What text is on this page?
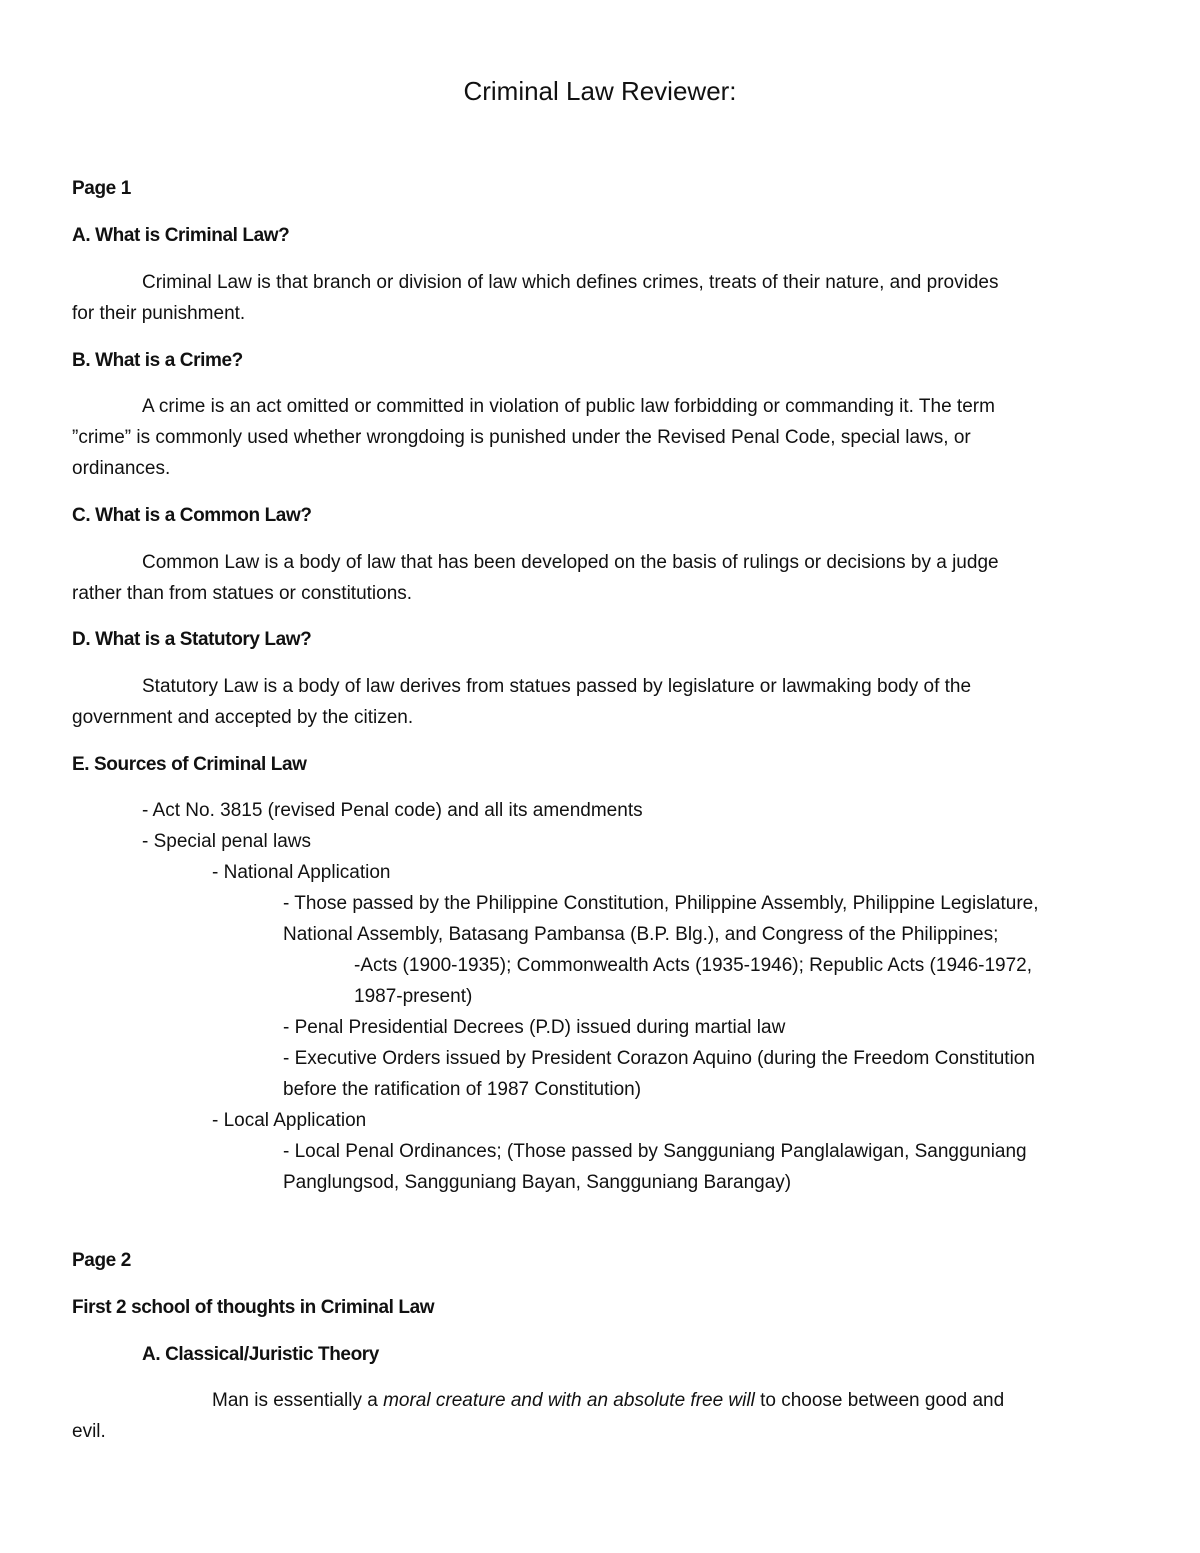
Criminal Law Reviewer:
Page 1
A. What is Criminal Law?
Criminal Law is that branch or division of law which defines crimes, treats of their nature, and provides
for their punishment.
B. What is a Crime?
A crime is an act omitted or committed in violation of public law forbidding or commanding it. The term
”crime” is commonly used whether wrongdoing is punished under the Revised Penal Code, special laws, or
ordinances.
C. What is a Common Law?
Common Law is a body of law that has been developed on the basis of rulings or decisions by a judge
rather than from statues or constitutions.
D. What is a Statutory Law?
Statutory Law is a body of law derives from statues passed by legislature or lawmaking body of the
government and accepted by the citizen.
E. Sources of Criminal Law
- Act No. 3815 (revised Penal code) and all its amendments
- Special penal laws
- National Application
- Those passed by the Philippine Constitution, Philippine Assembly, Philippine Legislature,
National Assembly, Batasang Pambansa (B.P. Blg.), and Congress of the Philippines;
-Acts (1900-1935); Commonwealth Acts (1935-1946); Republic Acts (1946-1972,
1987-present)
- Penal Presidential Decrees (P.D) issued during martial law
- Executive Orders issued by President Corazon Aquino (during the Freedom Constitution
before the ratification of 1987 Constitution)
- Local Application
- Local Penal Ordinances; (Those passed by Sangguniang Panglalawigan, Sangguniang
Panglungsod, Sangguniang Bayan, Sangguniang Barangay)
Page 2
First 2 school of thoughts in Criminal Law
A. Classical/Juristic Theory
Man is essentially a moral creature and with an absolute free will to choose between good and
evil.
